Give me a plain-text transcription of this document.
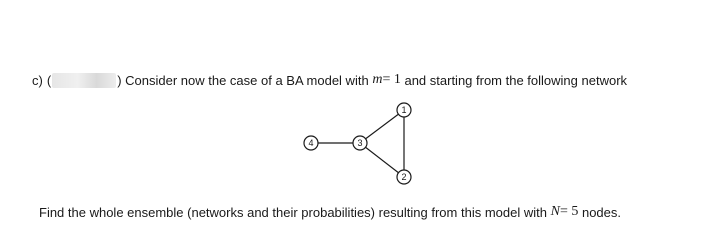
c) (	)
Consider now the case of a BA model with
m = 1
and starting from the following network
1
2
3
4
Find the whole ensemble (networks and their probabilities) resulting from this model with
N = 5
nodes.
